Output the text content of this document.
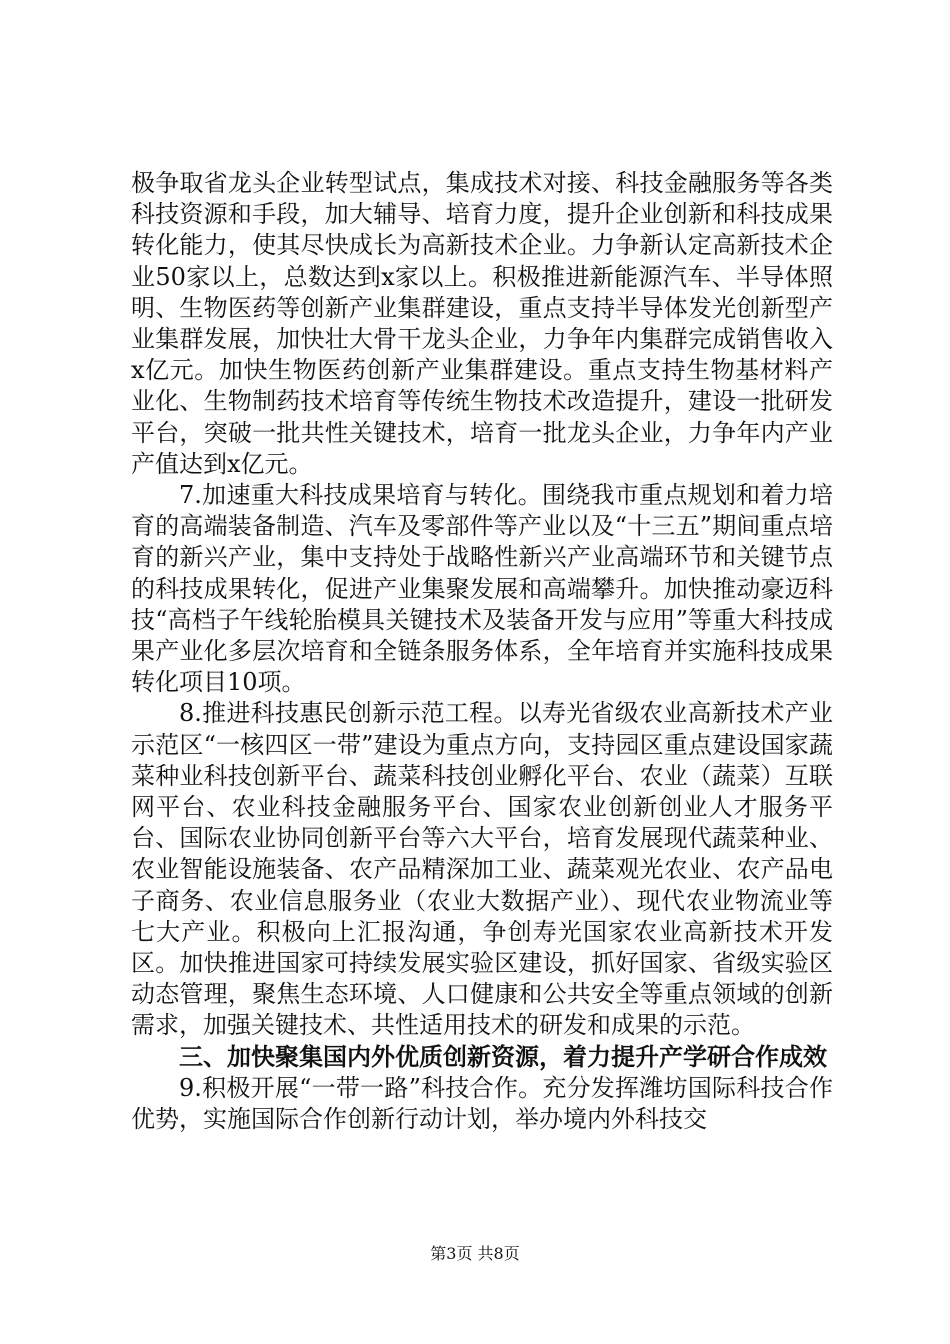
极争取省龙头企业转型试点，集成技术对接、科技金融服务等各类科技资源和手段，加大辅导、培育力度，提升企业创新和科技成果转化能力，使其尽快成长为高新技术企业。力争新认定高新技术企业50家以上，总数达到x家以上。积极推进新能源汽车、半导体照明、生物医药等创新产业集群建设，重点支持半导体发光创新型产业集群发展，加快壮大骨干龙头企业，力争年内集群完成销售收入x亿元。加快生物医药创新产业集群建设。重点支持生物基材料产业化、生物制药技术培育等传统生物技术改造提升，建设一批研发平台，突破一批共性关键技术，培育一批龙头企业，力争年内产业产值达到x亿元。

7.加速重大科技成果培育与转化。围绕我市重点规划和着力培育的高端装备制造、汽车及零部件等产业以及“十三五”期间重点培育的新兴产业，集中支持处于战略性新兴产业高端环节和关键节点的科技成果转化，促进产业集聚发展和高端攀升。加快推动豪迈科技“高档子午线轮胎模具关键技术及装备开发与应用”等重大科技成果产业化多层次培育和全链条服务体系，全年培育并实施科技成果转化项目10项。

8.推进科技惠民创新示范工程。以寿光省级农业高新技术产业示范区“一核四区一带”建设为重点方向，支持园区重点建设国家蔬菜种业科技创新平台、蔬菜科技创业孵化平台、农业（蔬菜）互联网平台、农业科技金融服务平台、国家农业创新创业人才服务平台、国际农业协同创新平台等六大平台，培育发展现代蔬菜种业、农业智能设施装备、农产品精深加工业、蔬菜观光农业、农产品电子商务、农业信息服务业（农业大数据产业）、现代农业物流业等七大产业。积极向上汇报沟通，争创寿光国家农业高新技术开发区。加快推进国家可持续发展实验区建设，抓好国家、省级实验区动态管理，聚焦生态环境、人口健康和公共安全等重点领域的创新需求，加强关键技术、共性适用技术的研发和成果的示范。

三、加快聚集国内外优质创新资源，着力提升产学研合作成效

9.积极开展“一带一路”科技合作。充分发挥潍坊国际科技合作优势，实施国际合作创新行动计划，举办境内外科技交

第3页 共8页
